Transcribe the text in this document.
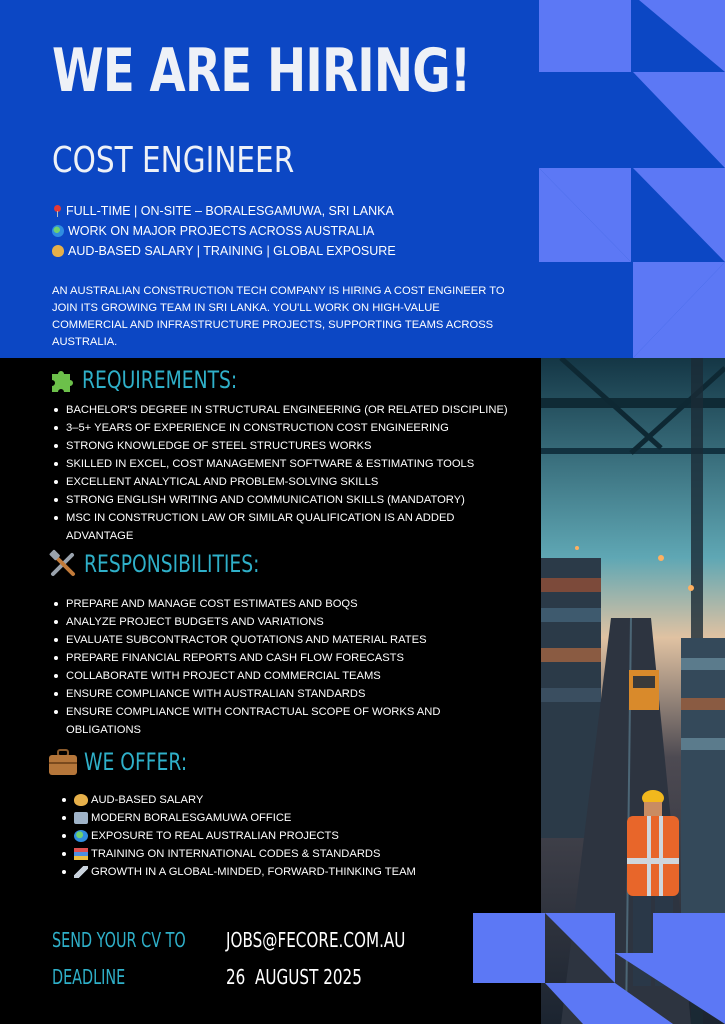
WE ARE HIRING!
COST ENGINEER
FULL-TIME | ON-SITE – BORALESGAMUWA, SRI LANKA
WORK ON MAJOR PROJECTS ACROSS AUSTRALIA
AUD-BASED SALARY | TRAINING | GLOBAL EXPOSURE
AN AUSTRALIAN CONSTRUCTION TECH COMPANY IS HIRING A COST ENGINEER TO JOIN ITS GROWING TEAM IN SRI LANKA. YOU'LL WORK ON HIGH-VALUE COMMERCIAL AND INFRASTRUCTURE PROJECTS, SUPPORTING TEAMS ACROSS AUSTRALIA.
REQUIREMENTS:
BACHELOR'S DEGREE IN STRUCTURAL ENGINEERING (OR RELATED DISCIPLINE)
3–5+ YEARS OF EXPERIENCE IN CONSTRUCTION COST ENGINEERING
STRONG KNOWLEDGE OF STEEL STRUCTURES WORKS
SKILLED IN EXCEL, COST MANAGEMENT SOFTWARE & ESTIMATING TOOLS
EXCELLENT ANALYTICAL AND PROBLEM-SOLVING SKILLS
STRONG ENGLISH WRITING AND COMMUNICATION SKILLS (MANDATORY)
MSC IN CONSTRUCTION LAW OR SIMILAR QUALIFICATION IS AN ADDED ADVANTAGE
RESPONSIBILITIES:
PREPARE AND MANAGE COST ESTIMATES AND BOQS
ANALYZE PROJECT BUDGETS AND VARIATIONS
EVALUATE SUBCONTRACTOR QUOTATIONS AND MATERIAL RATES
PREPARE FINANCIAL REPORTS AND CASH FLOW FORECASTS
COLLABORATE WITH PROJECT AND COMMERCIAL TEAMS
ENSURE COMPLIANCE WITH AUSTRALIAN STANDARDS
ENSURE COMPLIANCE WITH CONTRACTUAL SCOPE OF WORKS AND OBLIGATIONS
WE OFFER:
AUD-BASED SALARY
MODERN BORALESGAMUWA OFFICE
EXPOSURE TO REAL AUSTRALIAN PROJECTS
TRAINING ON INTERNATIONAL CODES & STANDARDS
GROWTH IN A GLOBAL-MINDED, FORWARD-THINKING TEAM
SEND YOUR CV TO JOBS@FECORE.COM.AU
DEADLINE	26  AUGUST 2025
